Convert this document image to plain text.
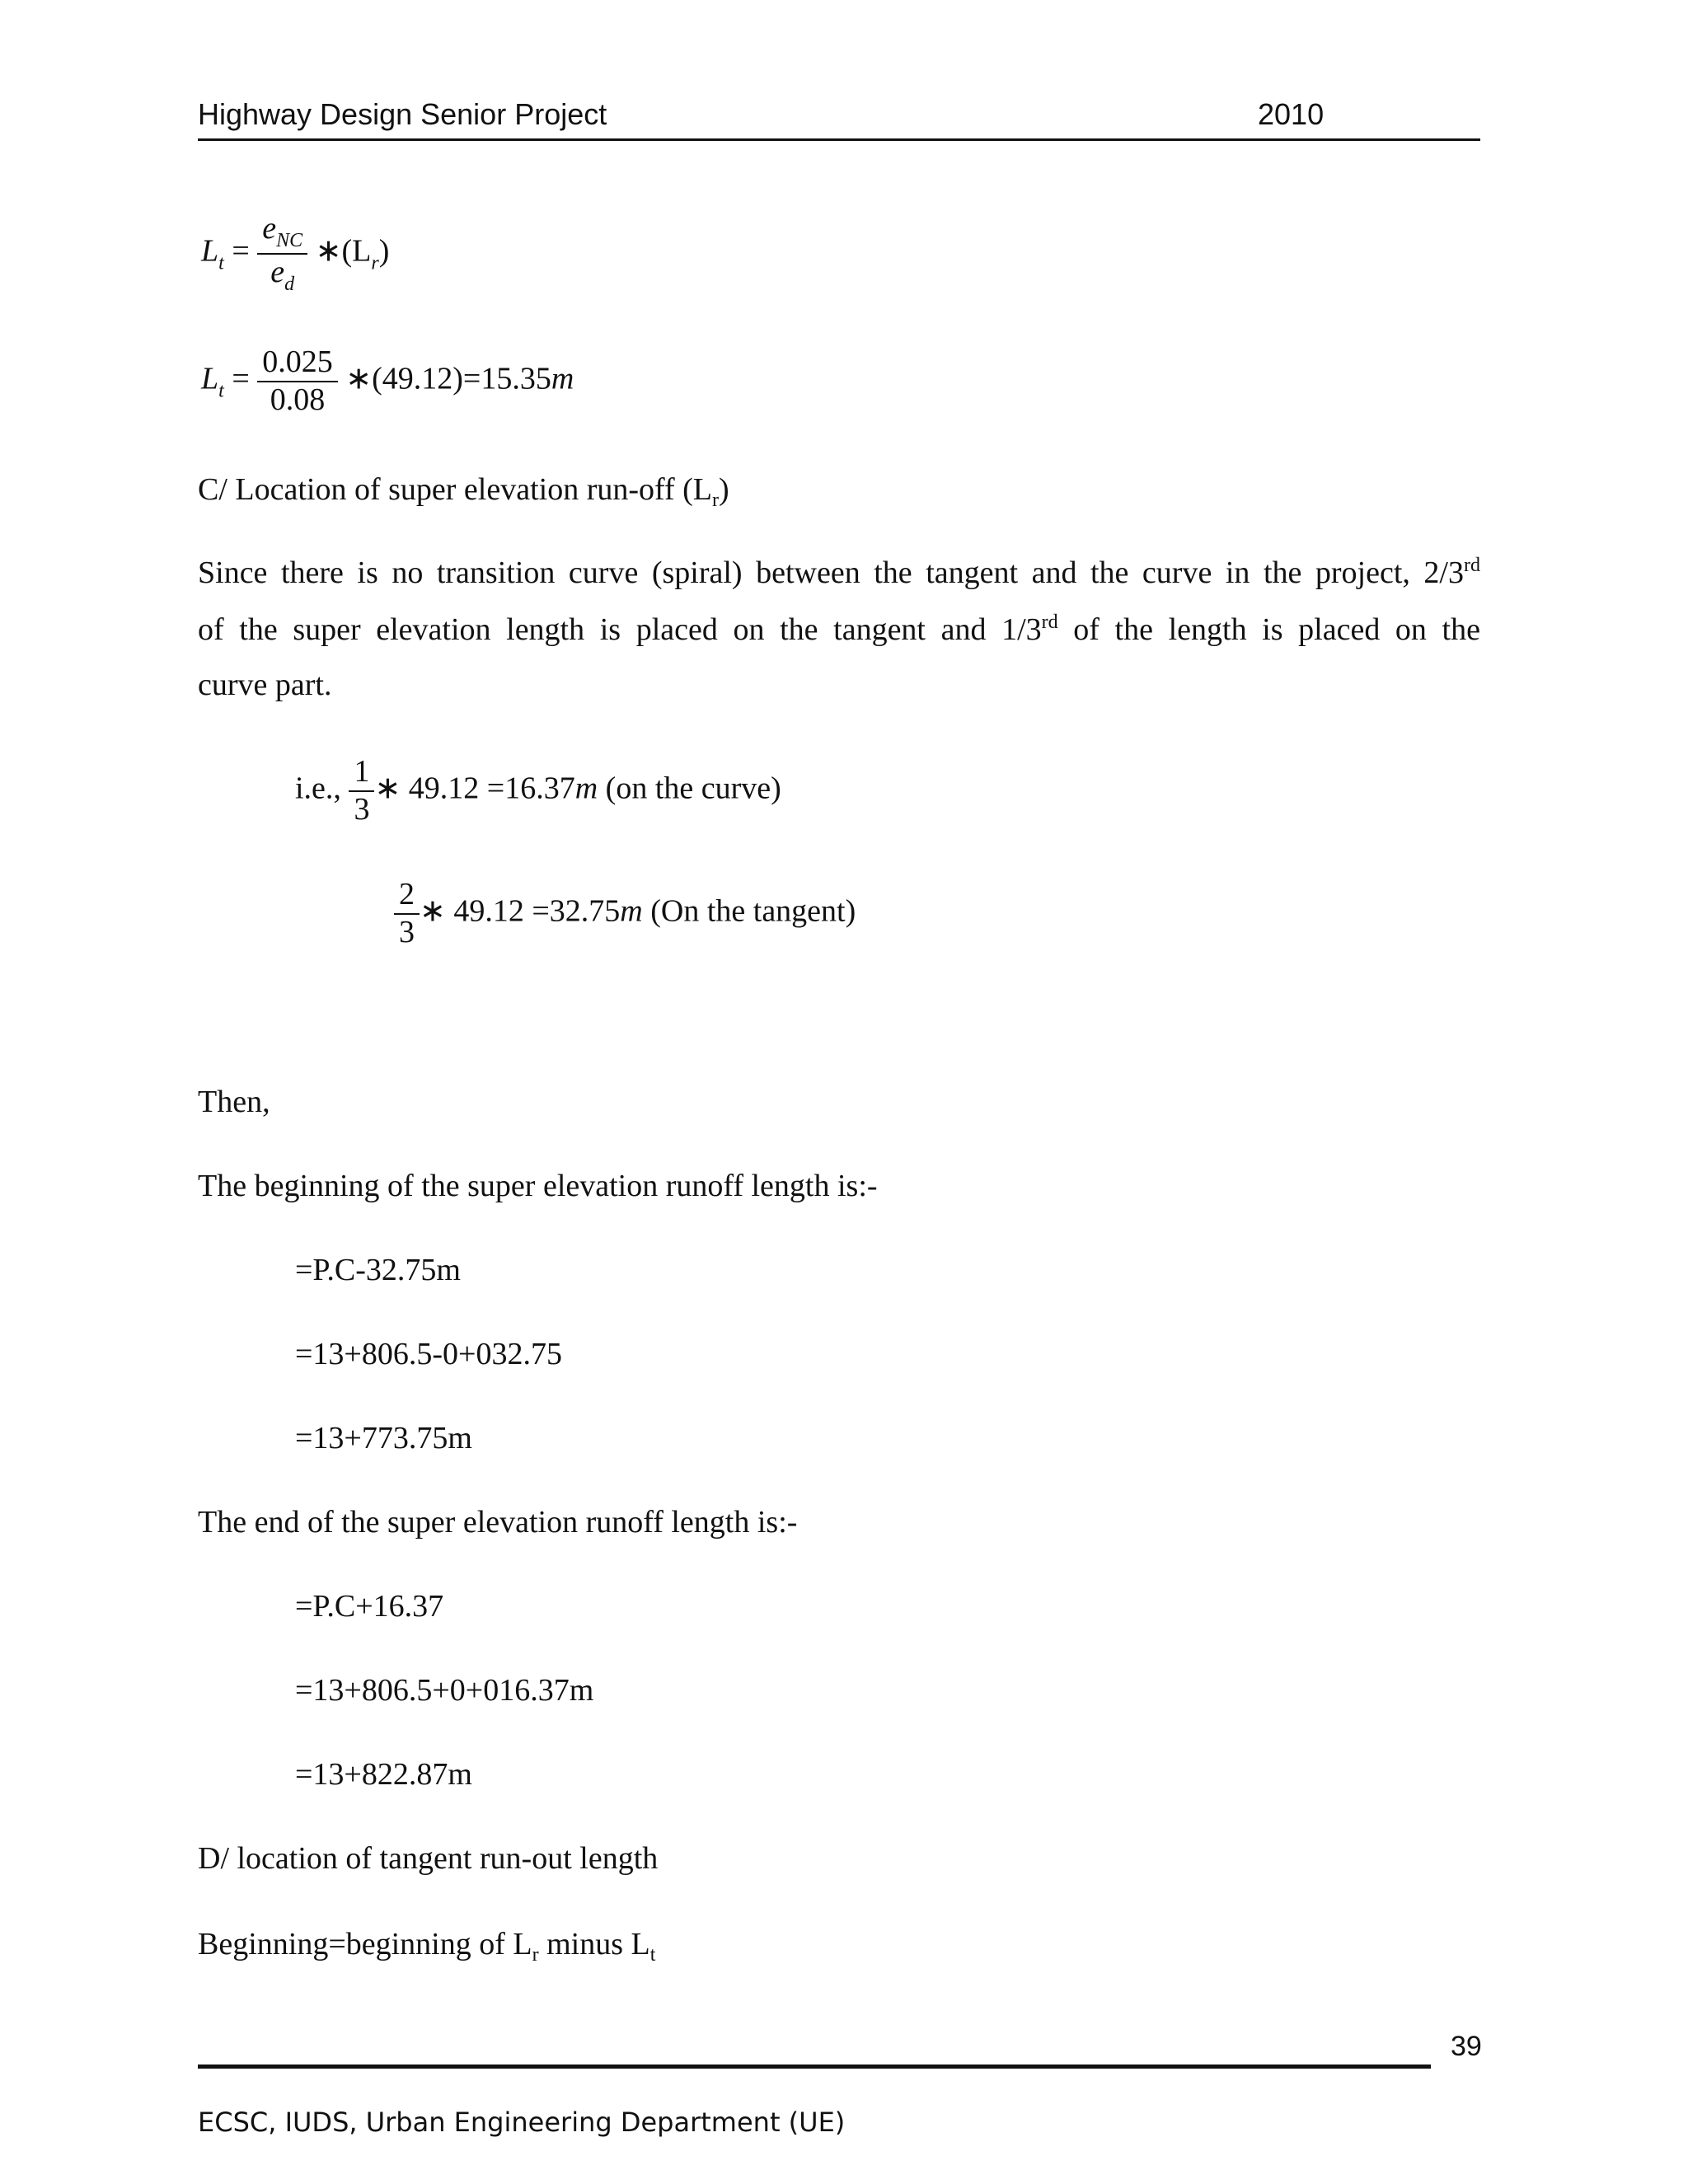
Highway Design Senior Project	2010
$L_t = \frac{e_{NC}}{e_d}$ $∗(L_r)$
$L_t = \frac{0.025}{0.08}$ ∗(49.12)=15.35m
C/ Location of super elevation run-off $(L_r)$
Since there is no transition curve (spiral) between the tangent and the curve in the project, 2/3rd
of the super elevation length is placed on the tangent and 1/3rd of the length is placed on the
curve part.
i.e., $\frac{1}{3}$ ∗ 49.12 =16.37m (on the curve)
$\frac{2}{3}$ ∗ 49.12 =32.75m (On the tangent)
Then,
The beginning of the super elevation runoff length is:-
=P.C-32.75m
=13+806.5-0+032.75
=13+773.75m
The end of the super elevation runoff length is:-
=P.C+16.37
=13+806.5+0+016.37m
=13+822.87m
D/ location of tangent run-out length
Beginning=beginning of $L_r$ minus $L_t$
39
ECSC, IUDS, Urban Engineering Department (UE)
